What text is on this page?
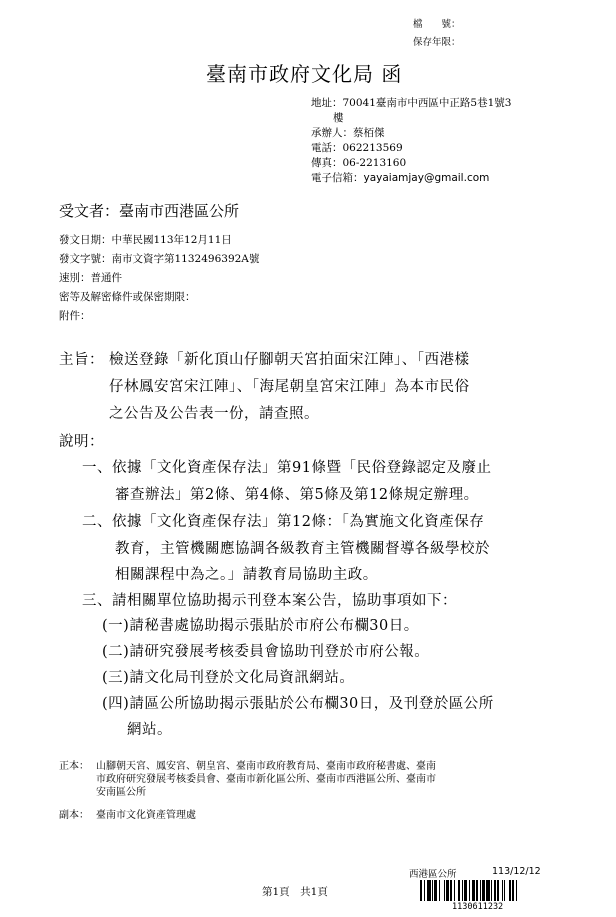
檔　　號：
保存年限：
臺南市政府文化局 函
地址：70041臺南市中西區中正路5巷1號3
樓
承辦人：蔡栢傑
電話：062213569
傳真：06-2213160
電子信箱：yayaiamjay@gmail.com
受文者：臺南市西港區公所
發文日期：中華民國113年12月11日
發文字號：南市文資字第1132496392A號
速別：普通件
密等及解密條件或保密期限：
附件：
主旨： 檢送登錄「新化頂山仔腳朝天宮拍面宋江陣」、「西港樣
仔林鳳安宮宋江陣」、「海尾朝皇宮宋江陣」為本市民俗
之公告及公告表一份，請查照。
說明：
一、依據「文化資產保存法」第91條暨「民俗登錄認定及廢止
審查辦法」第2條、第4條、第5條及第12條規定辦理。
二、依據「文化資產保存法」第12條：「為實施文化資產保存
教育，主管機關應協調各級教育主管機關督導各級學校於
相關課程中為之。」請教育局協助主政。
三、請相關單位協助揭示刊登本案公告，協助事項如下：
(一)請秘書處協助揭示張貼於市府公布欄30日。
(二)請研究發展考核委員會協助刊登於市府公報。
(三)請文化局刊登於文化局資訊網站。
(四)請區公所協助揭示張貼於公布欄30日，及刊登於區公所
網站。
正本： 山腳朝天宮、鳳安宮、朝皇宮、臺南市政府教育局、臺南市政府秘書處、臺南
市政府研究發展考核委員會、臺南市新化區公所、臺南市西港區公所、臺南市
安南區公所
副本： 臺南市文化資產管理處
第1頁　共1頁
西港區公所	113/12/12
1130611232
